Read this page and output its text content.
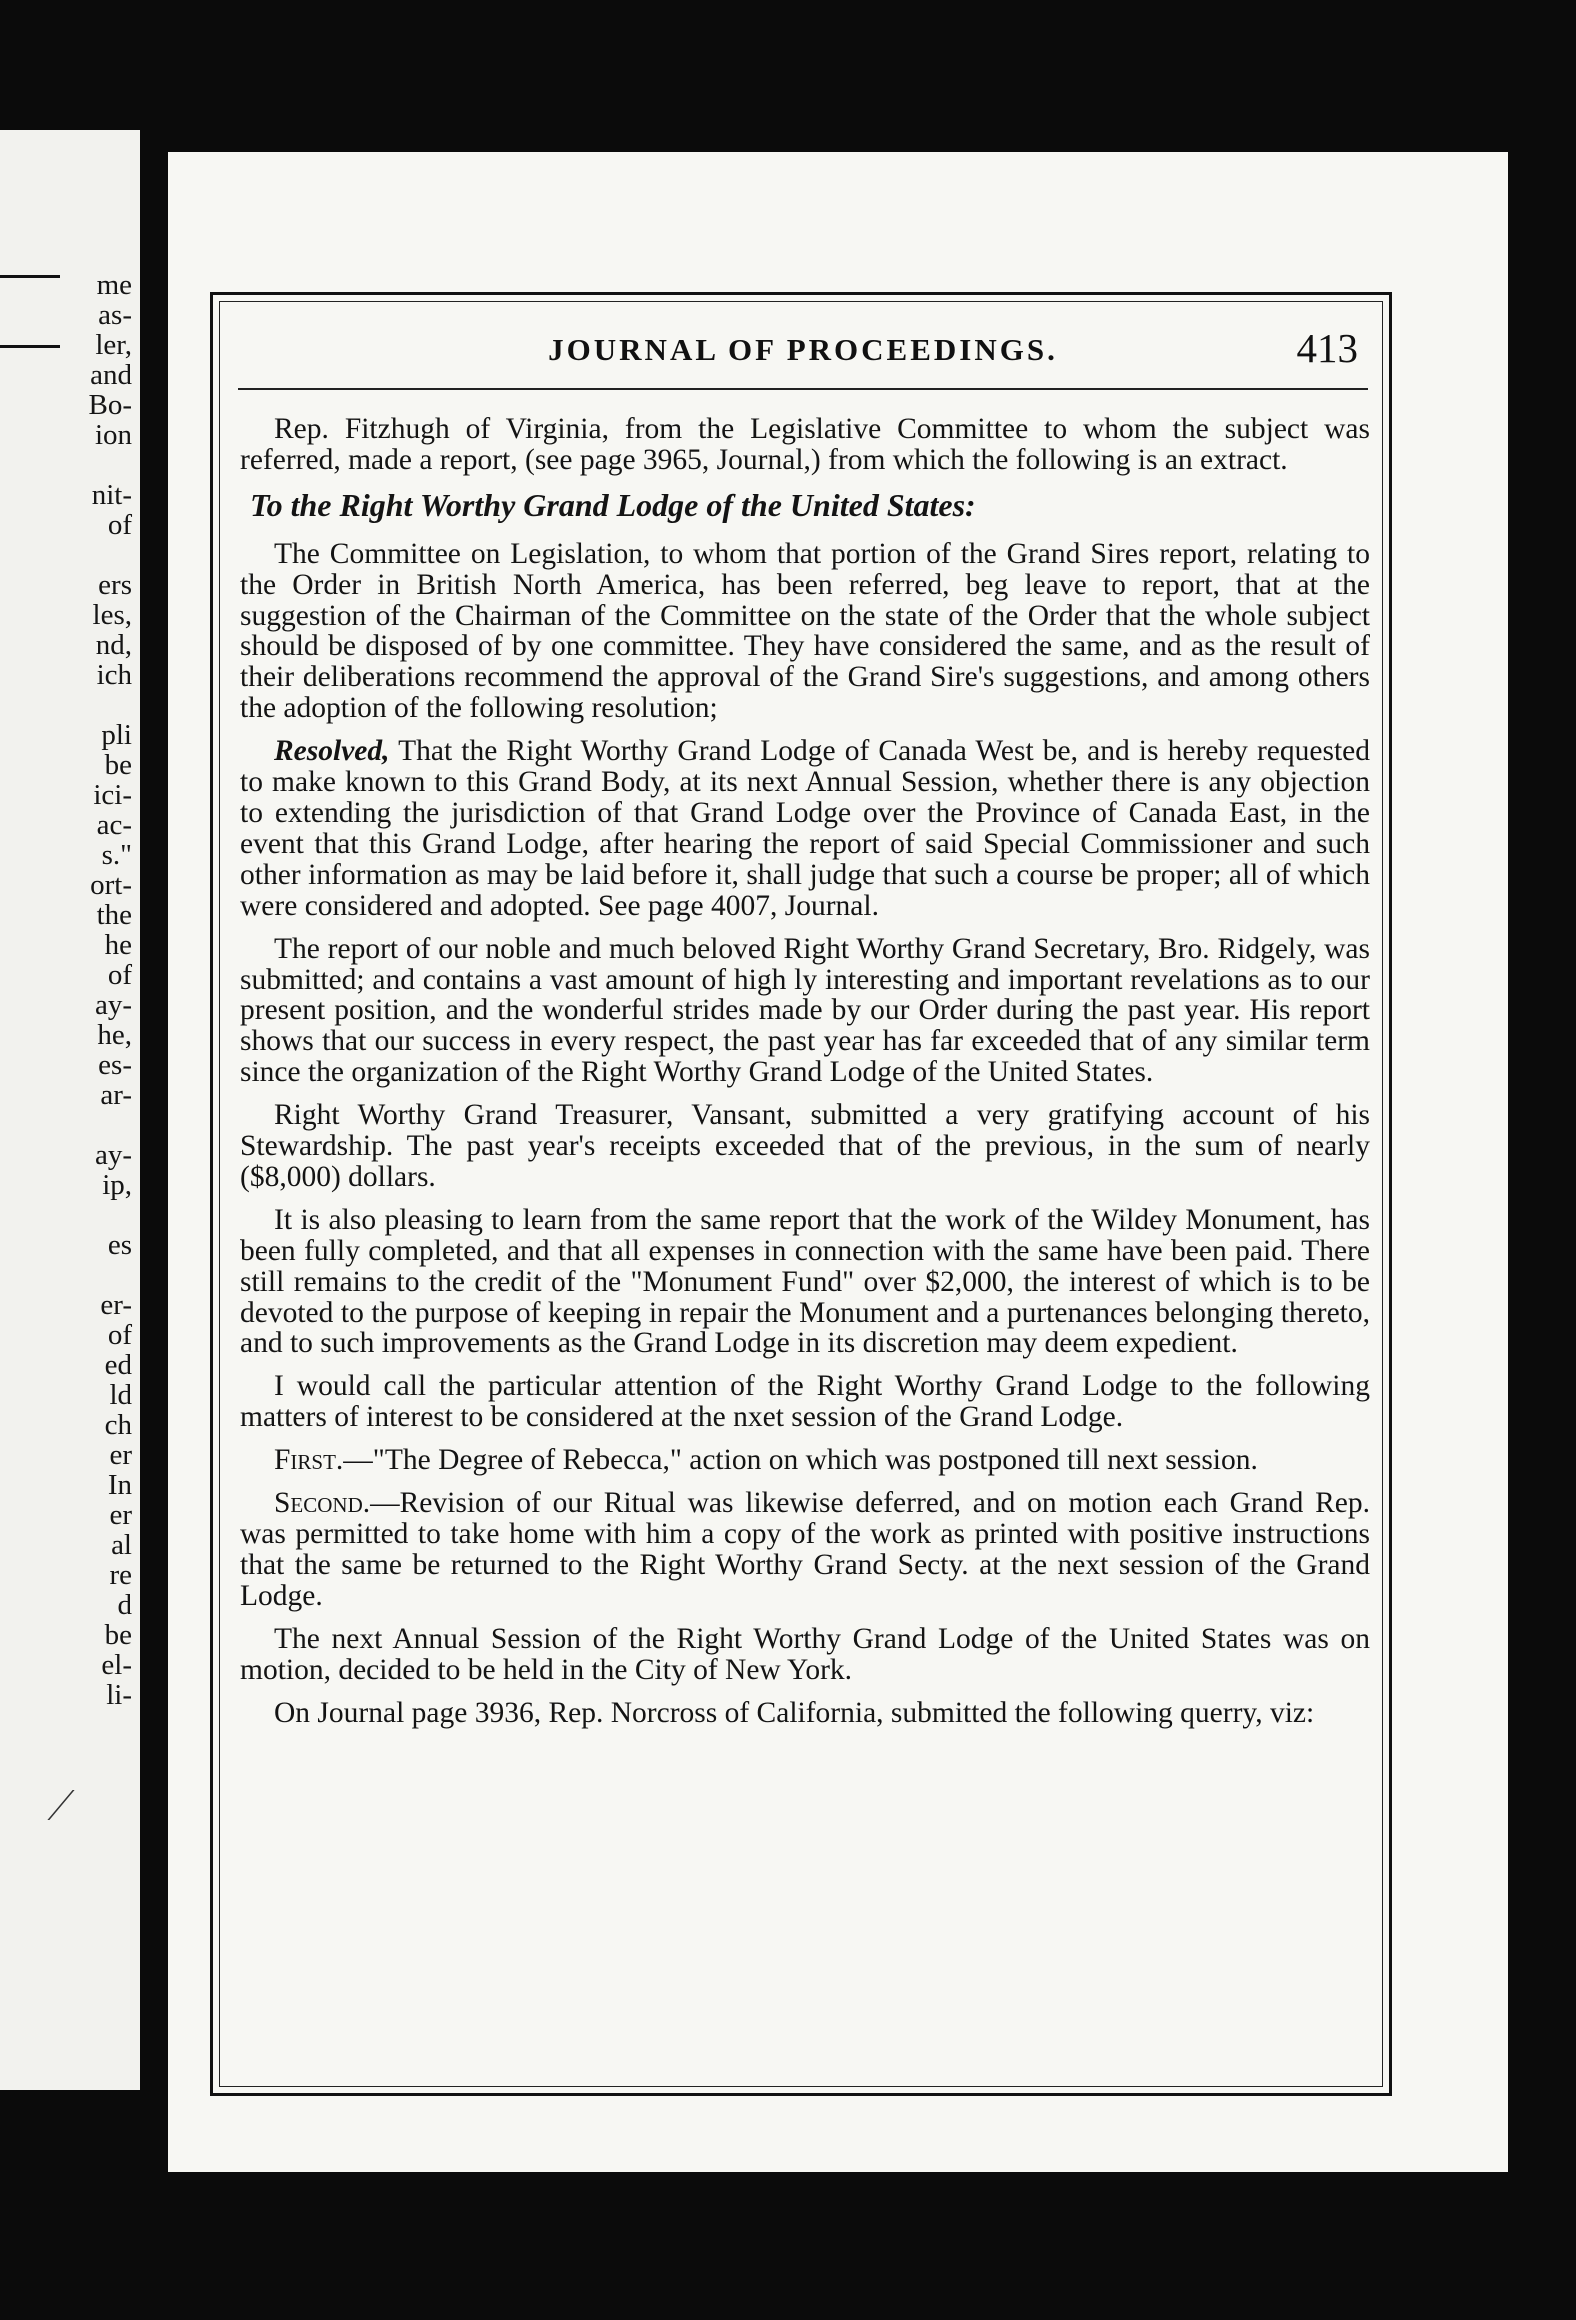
me
as-
ler,
and
Bo-
ion
nit-
of
ers
les,
nd,
ich
pli
be
ici-
ac-
s."
ort-
the
he
of
ay-
he,
es-
ar-
ay-
ip,
es
er-
of
ed
ld
ch
er
In
er
al
re
d
be
el-
li-
JOURNAL OF PROCEEDINGS.	413

Rep. Fitzhugh of Virginia, from the Legislative Committee to whom the subject was referred, made a report, (see page 3965, Journal,) from which the following is an extract.

To the Right Worthy Grand Lodge of the United States:

The Committee on Legislation, to whom that portion of the Grand Sires report, relating to the Order in British North America, has been referred, beg leave to report, that at the suggestion of the Chairman of the Committee on the state of the Order that the whole subject should be disposed of by one committee. They have considered the same, and as the result of their deliberations recommend the approval of the Grand Sire's suggestions, and among others the adoption of the following resolution;

Resolved, That the Right Worthy Grand Lodge of Canada West be, and is hereby requested to make known to this Grand Body, at its next Annual Session, whether there is any objection to extending the jurisdiction of that Grand Lodge over the Province of Canada East, in the event that this Grand Lodge, after hearing the report of said Special Commissioner and such other information as may be laid before it, shall judge that such a course be proper; all of which were considered and adopted. See page 4007, Journal.

The report of our noble and much beloved Right Worthy Grand Secretary, Bro. Ridgely, was submitted; and contains a vast amount of high ly interesting and important revelations as to our present position, and the wonderful strides made by our Order during the past year. His report shows that our success in every respect, the past year has far exceeded that of any similar term since the organization of the Right Worthy Grand Lodge of the United States.

Right Worthy Grand Treasurer, Vansant, submitted a very gratifying account of his Stewardship. The past year's receipts exceeded that of the previous, in the sum of nearly ($8,000) dollars.

It is also pleasing to learn from the same report that the work of the Wildey Monument, has been fully completed, and that all expenses in connection with the same have been paid. There still remains to the credit of the "Monument Fund" over $2,000, the interest of which is to be devoted to the purpose of keeping in repair the Monument and a purtenances belonging thereto, and to such improvements as the Grand Lodge in its discretion may deem expedient.

I would call the particular attention of the Right Worthy Grand Lodge to the following matters of interest to be considered at the nxet session of the Grand Lodge.

First.—"The Degree of Rebecca," action on which was postponed till next session.

Second.—Revision of our Ritual was likewise deferred, and on motion each Grand Rep. was permitted to take home with him a copy of the work as printed with positive instructions that the same be returned to the Right Worthy Grand Secty. at the next session of the Grand Lodge.

The next Annual Session of the Right Worthy Grand Lodge of the United States was on motion, decided to be held in the City of New York.

On Journal page 3936, Rep. Norcross of California, submitted the following querry, viz:
